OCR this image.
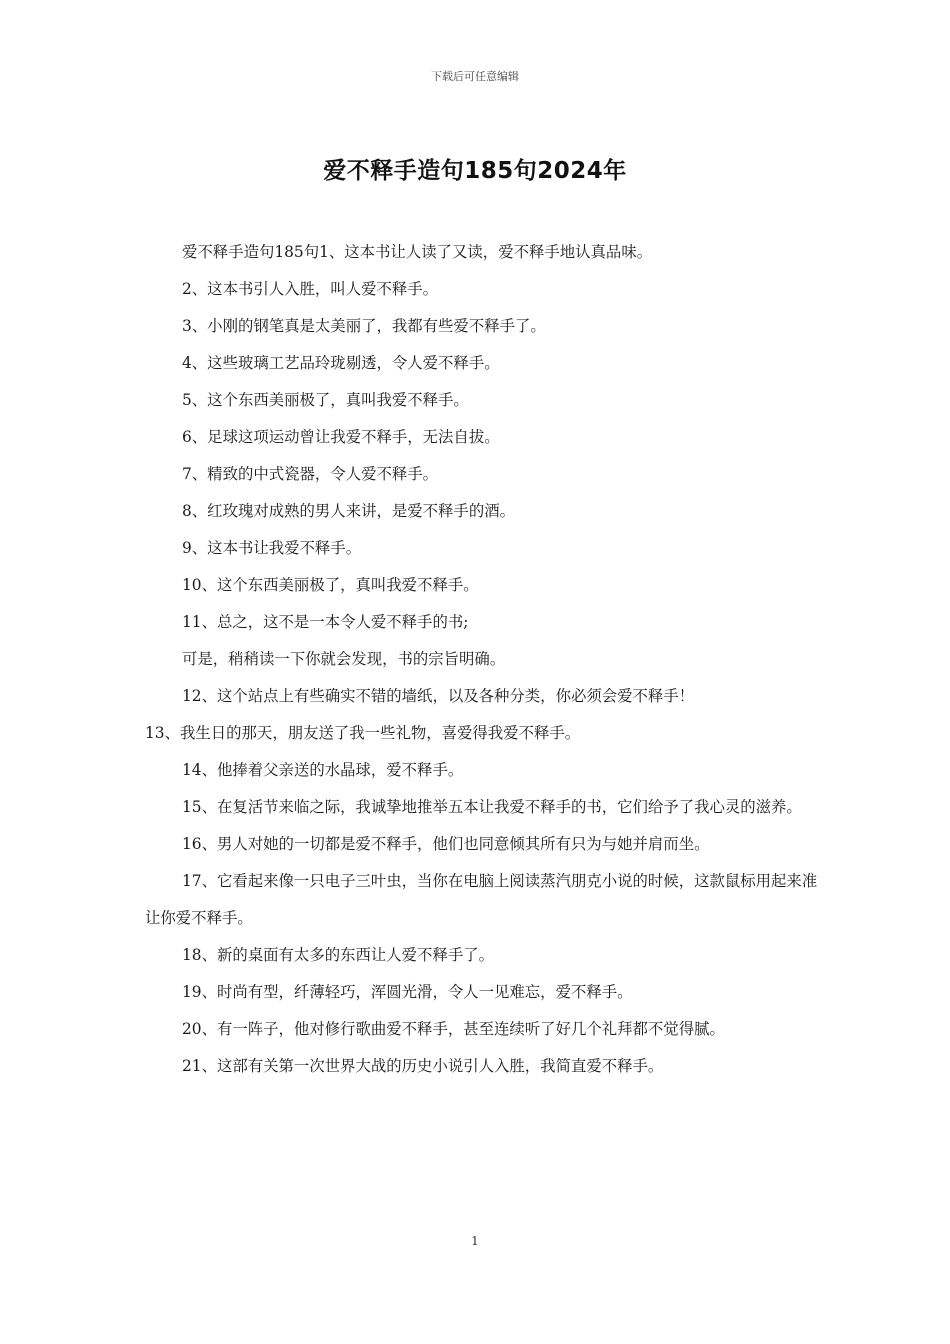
下载后可任意编辑
爱不释手造句185句2024年

爱不释手造句185句1、这本书让人读了又读，爱不释手地认真品味。

2、这本书引人入胜，叫人爱不释手。

3、小刚的钢笔真是太美丽了，我都有些爱不释手了。

4、这些玻璃工艺品玲珑剔透，令人爱不释手。

5、这个东西美丽极了，真叫我爱不释手。

6、足球这项运动曾让我爱不释手，无法自拔。

7、精致的中式瓷器，令人爱不释手。

8、红玫瑰对成熟的男人来讲，是爱不释手的酒。

9、这本书让我爱不释手。

10、这个东西美丽极了，真叫我爱不释手。

11、总之，这不是一本令人爱不释手的书;

可是，稍稍读一下你就会发现，书的宗旨明确。

12、这个站点上有些确实不错的墙纸，以及各种分类，你必须会爱不释手！

13、我生日的那天，朋友送了我一些礼物，喜爱得我爱不释手。

14、他捧着父亲送的水晶球，爱不释手。

15、在复活节来临之际，我诚挚地推举五本让我爱不释手的书，它们给予了我心灵的滋养。

16、男人对她的一切都是爱不释手，他们也同意倾其所有只为与她并肩而坐。

17、它看起来像一只电子三叶虫，当你在电脑上阅读蒸汽朋克小说的时候，这款鼠标用起来准让你爱不释手。

18、新的桌面有太多的东西让人爱不释手了。

19、时尚有型，纤薄轻巧，浑圆光滑，令人一见难忘，爱不释手。

20、有一阵子，他对修行歌曲爱不释手，甚至连续听了好几个礼拜都不觉得腻。

21、这部有关第一次世界大战的历史小说引人入胜，我简直爱不释手。

1
